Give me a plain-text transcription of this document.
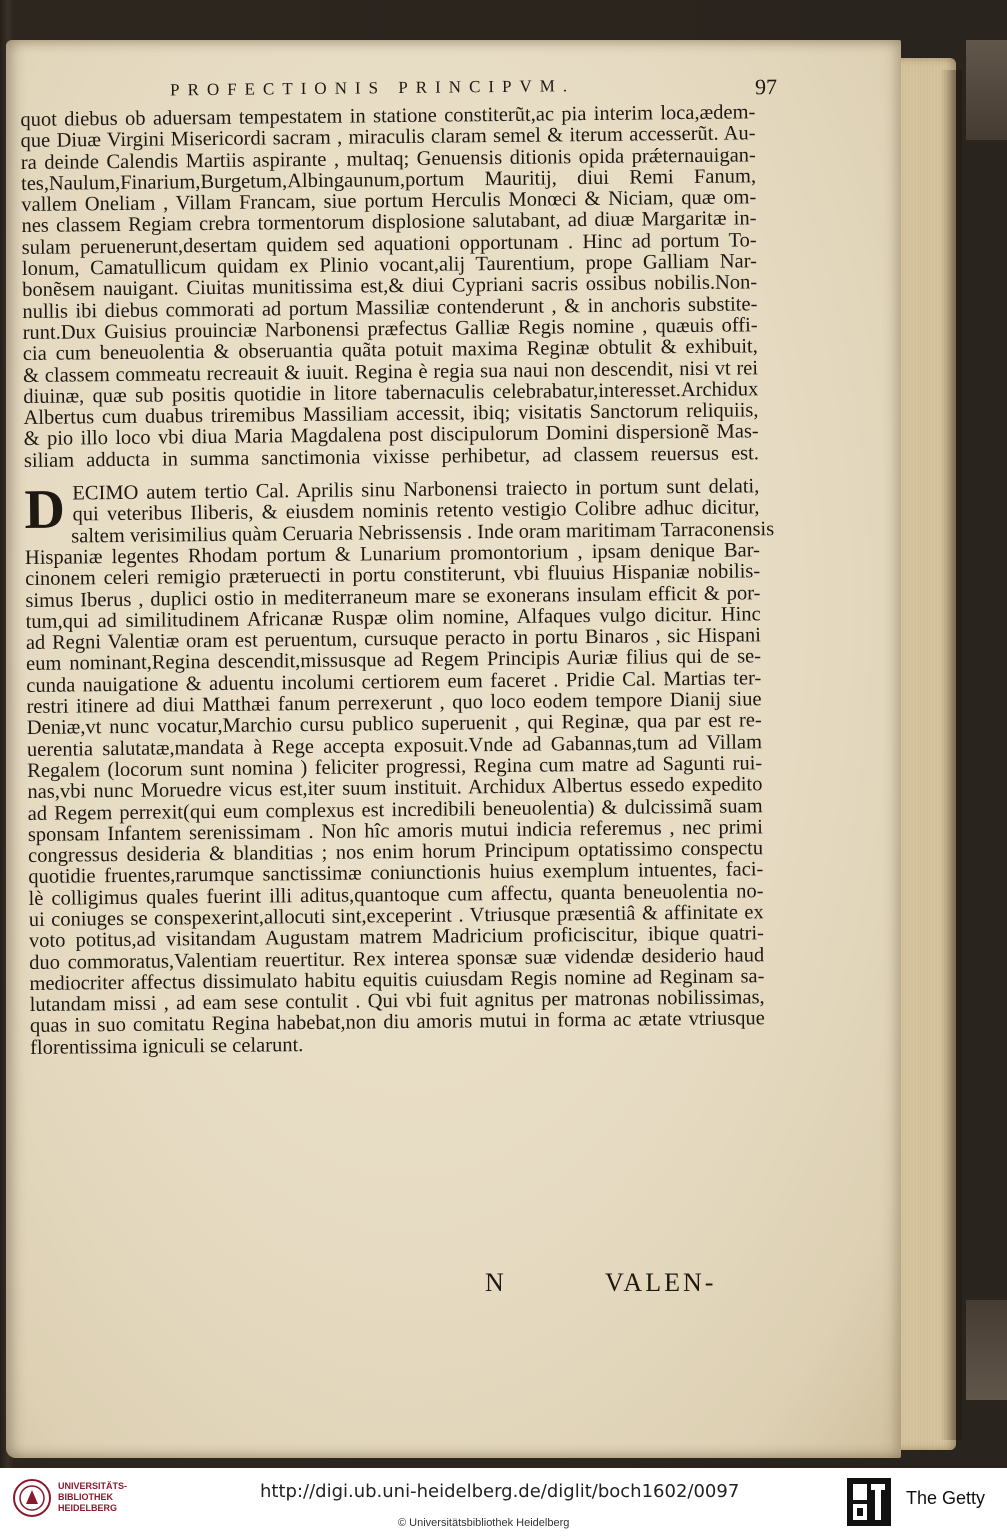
PROFECTIONIS PRINCIPVM.	97
quot diebus ob aduersam tempestatem in statione constiterũt,ac pia interim loca,ædem-
que Diuæ Virgini Misericordi sacram , miraculis claram semel & iterum accesserũt. Au-
ra deinde Calendis Martiis aspirante , multaq; Genuensis ditionis opida prǽternauigan-
tes,Naulum,Finarium,Burgetum,Albingaunum,portum Mauritij, diui Remi Fanum,
vallem Oneliam , Villam Francam, siue portum Herculis Monœci & Niciam, quæ om-
nes classem Regiam crebra tormentorum displosione salutabant, ad diuæ Margaritæ in-
sulam peruenerunt,desertam quidem sed aquationi opportunam . Hinc ad portum To-
lonum, Camatullicum quidam ex Plinio vocant,alij Taurentium, prope Galliam Nar-
bonẽsem nauigant. Ciuitas munitissima est,& diui Cypriani sacris ossibus nobilis.Non-
nullis ibi diebus commorati ad portum Massiliæ contenderunt , & in anchoris substite-
runt.Dux Guisius prouinciæ Narbonensi præfectus Galliæ Regis nomine , quæuis offi-
cia cum beneuolentia & obseruantia quãta potuit maxima Reginæ obtulit & exhibuit,
& classem commeatu recreauit & iuuit. Regina è regia sua naui non descendit, nisi vt rei
diuinæ, quæ sub positis quotidie in litore tabernaculis celebrabatur,interesset.Archidux
Albertus cum duabus triremibus Massiliam accessit, ibiq; visitatis Sanctorum reliquiis,
& pio illo loco vbi diua Maria Magdalena post discipulorum Domini dispersionẽ Mas-
siliam adducta in summa sanctimonia vixisse perhibetur, ad classem reuersus est.
D ECIMO autem tertio Cal. Aprilis sinu Narbonensi traiecto in portum sunt delati,
qui veteribus Iliberis, & eiusdem nominis retento vestigio Colibre adhuc dicitur,
saltem verisimilius quàm Ceruaria Nebrissensis . Inde oram maritimam Tarraconensis
Hispaniæ legentes Rhodam portum & Lunarium promontorium , ipsam denique Bar-
cinonem celeri remigio præteruecti in portu constiterunt, vbi fluuius Hispaniæ nobilis-
simus Iberus , duplici ostio in mediterraneum mare se exonerans insulam efficit & por-
tum,qui ad similitudinem Africanæ Ruspæ olim nomine, Alfaques vulgo dicitur. Hinc
ad Regni Valentiæ oram est peruentum, cursuque peracto in portu Binaros , sic Hispani
eum nominant,Regina descendit,missusque ad Regem Principis Auriæ filius qui de se-
cunda nauigatione & aduentu incolumi certiorem eum faceret . Pridie Cal. Martias ter-
restri itinere ad diui Matthæi fanum perrexerunt , quo loco eodem tempore Dianij siue
Deniæ,vt nunc vocatur,Marchio cursu publico superuenit , qui Reginæ, qua par est re-
uerentia salutatæ,mandata à Rege accepta exposuit.Vnde ad Gabannas,tum ad Villam
Regalem (locorum sunt nomina ) feliciter progressi, Regina cum matre ad Sagunti rui-
nas,vbi nunc Moruedre vicus est,iter suum instituit. Archidux Albertus essedo expedito
ad Regem perrexit(qui eum complexus est incredibili beneuolentia) & dulcissimã suam
sponsam Infantem serenissimam . Non hîc amoris mutui indicia referemus , nec primi
congressus desideria & blanditias ; nos enim horum Principum optatissimo conspectu
quotidie fruentes,rarumque sanctissimæ coniunctionis huius exemplum intuentes, faci-
lè colligimus quales fuerint illi aditus,quantoque cum affectu, quanta beneuolentia no-
ui coniuges se conspexerint,allocuti sint,exceperint . Vtriusque præsentiâ & affinitate ex
voto potitus,ad visitandam Augustam matrem Madricium proficiscitur, ibique quatri-
duo commoratus,Valentiam reuertitur. Rex interea sponsæ suæ videndæ desiderio haud
mediocriter affectus dissimulato habitu equitis cuiusdam Regis nomine ad Reginam sa-
lutandam missi , ad eam sese contulit . Qui vbi fuit agnitus per matronas nobilissimas,
quas in suo comitatu Regina habebat,non diu amoris mutui in forma ac ætate vtriusque
florentissima igniculi se celarunt.
N	VALEN-
UNIVERSITÄTS-
BIBLIOTHEK
HEIDELBERG
http://digi.ub.uni-heidelberg.de/diglit/boch1602/0097
© Universitätsbibliothek Heidelberg
The Getty
